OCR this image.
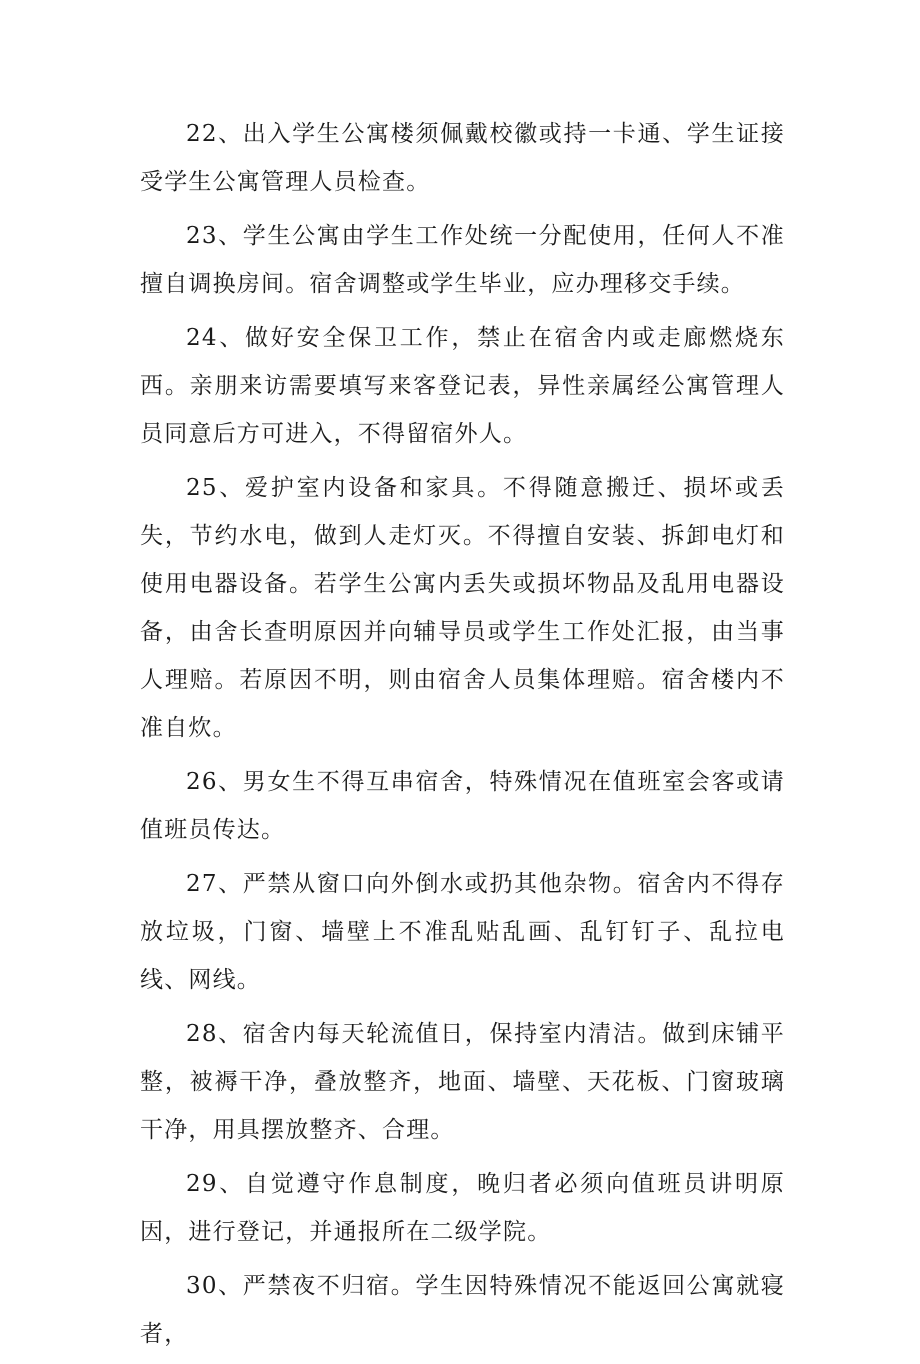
22、出入学生公寓楼须佩戴校徽或持一卡通、学生证接受学生公寓管理人员检查。

23、学生公寓由学生工作处统一分配使用，任何人不准擅自调换房间。宿舍调整或学生毕业，应办理移交手续。

24、做好安全保卫工作，禁止在宿舍内或走廊燃烧东西。亲朋来访需要填写来客登记表，异性亲属经公寓管理人员同意后方可进入，不得留宿外人。

25、爱护室内设备和家具。不得随意搬迁、损坏或丢失，节约水电，做到人走灯灭。不得擅自安装、拆卸电灯和使用电器设备。若学生公寓内丢失或损坏物品及乱用电器设备，由舍长查明原因并向辅导员或学生工作处汇报，由当事人理赔。若原因不明，则由宿舍人员集体理赔。宿舍楼内不准自炊。

26、男女生不得互串宿舍，特殊情况在值班室会客或请值班员传达。

27、严禁从窗口向外倒水或扔其他杂物。宿舍内不得存放垃圾，门窗、墙壁上不准乱贴乱画、乱钉钉子、乱拉电线、网线。

28、宿舍内每天轮流值日，保持室内清洁。做到床铺平整，被褥干净，叠放整齐，地面、墙壁、天花板、门窗玻璃干净，用具摆放整齐、合理。

29、自觉遵守作息制度，晚归者必须向值班员讲明原因，进行登记，并通报所在二级学院。

30、严禁夜不归宿。学生因特殊情况不能返回公寓就寝者，
